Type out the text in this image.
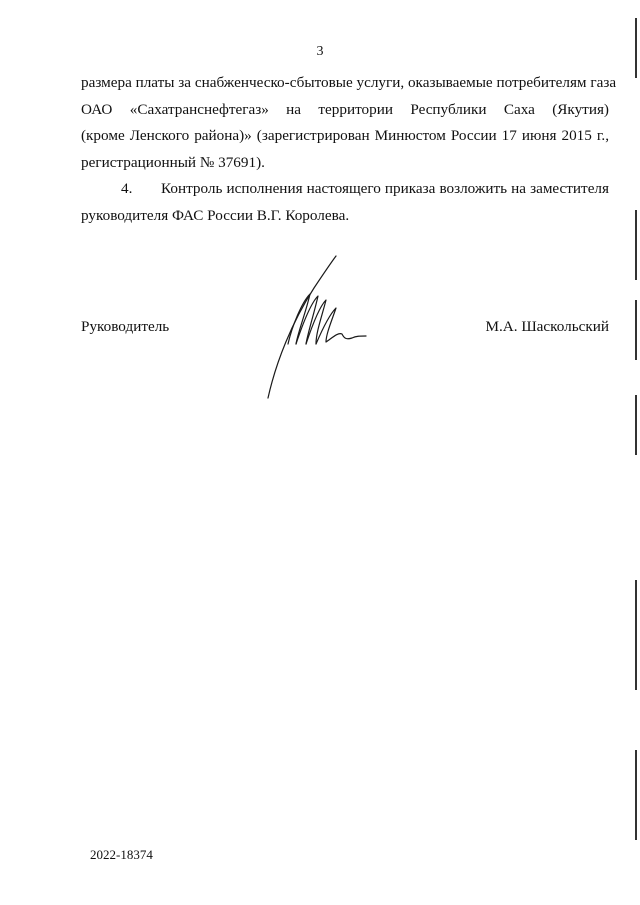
3
размера платы за снабженческо-сбытовые услуги, оказываемые потребителям газа
ОАО «Сахатранснефтегаз» на территории Республики Саха (Якутия)
(кроме Ленского района)» (зарегистрирован Минюстом России 17 июня 2015 г.,
регистрационный № 37691).
4. Контроль исполнения настоящего приказа возложить на заместителя
руководителя ФАС России В.Г. Королева.
Руководитель	М.А. Шаскольский
2022-18374
